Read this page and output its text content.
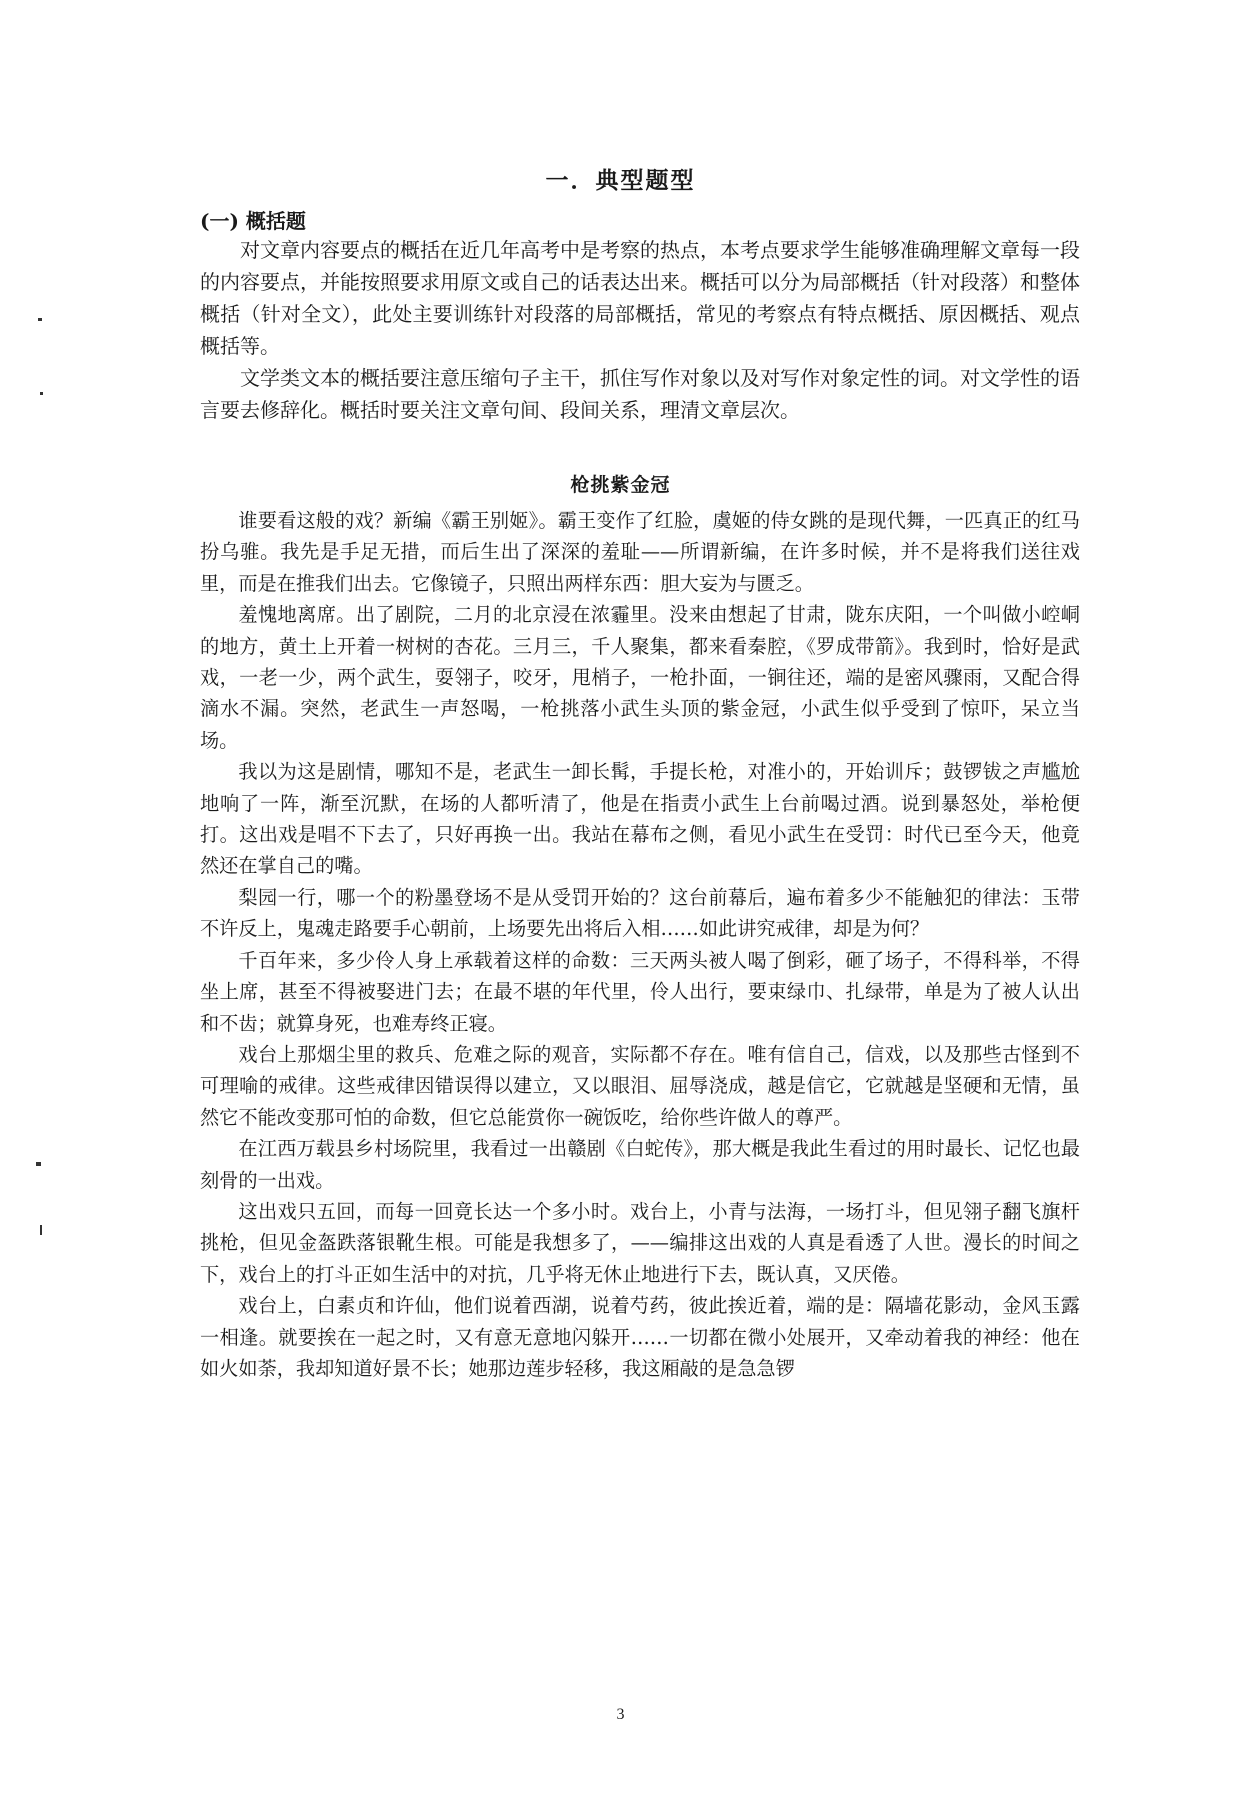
一．典型题型
(一) 概括题

对文章内容要点的概括在近几年高考中是考察的热点，本考点要求学生能够准确理解文章每一段的内容要点，并能按照要求用原文或自己的话表达出来。概括可以分为局部概括（针对段落）和整体概括（针对全文），此处主要训练针对段落的局部概括，常见的考察点有特点概括、原因概括、观点概括等。

文学类文本的概括要注意压缩句子主干，抓住写作对象以及对写作对象定性的词。对文学性的语言要去修辞化。概括时要关注文章句间、段间关系，理清文章层次。

枪挑紫金冠

谁要看这般的戏？新编《霸王别姬》。霸王变作了红脸，虞姬的侍女跳的是现代舞，一匹真正的红马扮乌骓。我先是手足无措，而后生出了深深的羞耻——所谓新编，在许多时候，并不是将我们送往戏里，而是在推我们出去。它像镜子，只照出两样东西：胆大妄为与匮乏。

羞愧地离席。出了剧院，二月的北京浸在浓霾里。没来由想起了甘肃，陇东庆阳，一个叫做小崆峒的地方，黄土上开着一树树的杏花。三月三，千人聚集，都来看秦腔，《罗成带箭》。我到时，恰好是武戏，一老一少，两个武生，耍翎子，咬牙，甩梢子，一枪扑面，一锏往还，端的是密风骤雨，又配合得滴水不漏。突然，老武生一声怒喝，一枪挑落小武生头顶的紫金冠，小武生似乎受到了惊吓，呆立当场。

我以为这是剧情，哪知不是，老武生一卸长髯，手提长枪，对准小的，开始训斥；鼓锣钹之声尴尬地响了一阵，渐至沉默，在场的人都听清了，他是在指责小武生上台前喝过酒。说到暴怒处，举枪便打。这出戏是唱不下去了，只好再换一出。我站在幕布之侧，看见小武生在受罚：时代已至今天，他竟然还在掌自己的嘴。

梨园一行，哪一个的粉墨登场不是从受罚开始的？这台前幕后，遍布着多少不能触犯的律法：玉带不许反上，鬼魂走路要手心朝前，上场要先出将后入相……如此讲究戒律，却是为何？

千百年来，多少伶人身上承载着这样的命数：三天两头被人喝了倒彩，砸了场子，不得科举，不得坐上席，甚至不得被娶进门去；在最不堪的年代里，伶人出行，要束绿巾、扎绿带，单是为了被人认出和不齿；就算身死，也难寿终正寝。

戏台上那烟尘里的救兵、危难之际的观音，实际都不存在。唯有信自己，信戏，以及那些古怪到不可理喻的戒律。这些戒律因错误得以建立，又以眼泪、屈辱浇成，越是信它，它就越是坚硬和无情，虽然它不能改变那可怕的命数，但它总能赏你一碗饭吃，给你些许做人的尊严。

在江西万载县乡村场院里，我看过一出赣剧《白蛇传》，那大概是我此生看过的用时最长、记忆也最刻骨的一出戏。

这出戏只五回，而每一回竟长达一个多小时。戏台上，小青与法海，一场打斗，但见翎子翻飞旗杆挑枪，但见金盔跌落银靴生根。可能是我想多了，——编排这出戏的人真是看透了人世。漫长的时间之下，戏台上的打斗正如生活中的对抗，几乎将无休止地进行下去，既认真，又厌倦。

戏台上，白素贞和许仙，他们说着西湖，说着芍药，彼此挨近着，端的是：隔墙花影动，金风玉露一相逢。就要挨在一起之时，又有意无意地闪躲开……一切都在微小处展开，又牵动着我的神经：他在如火如荼，我却知道好景不长；她那边莲步轻移，我这厢敲的是急急锣

3
